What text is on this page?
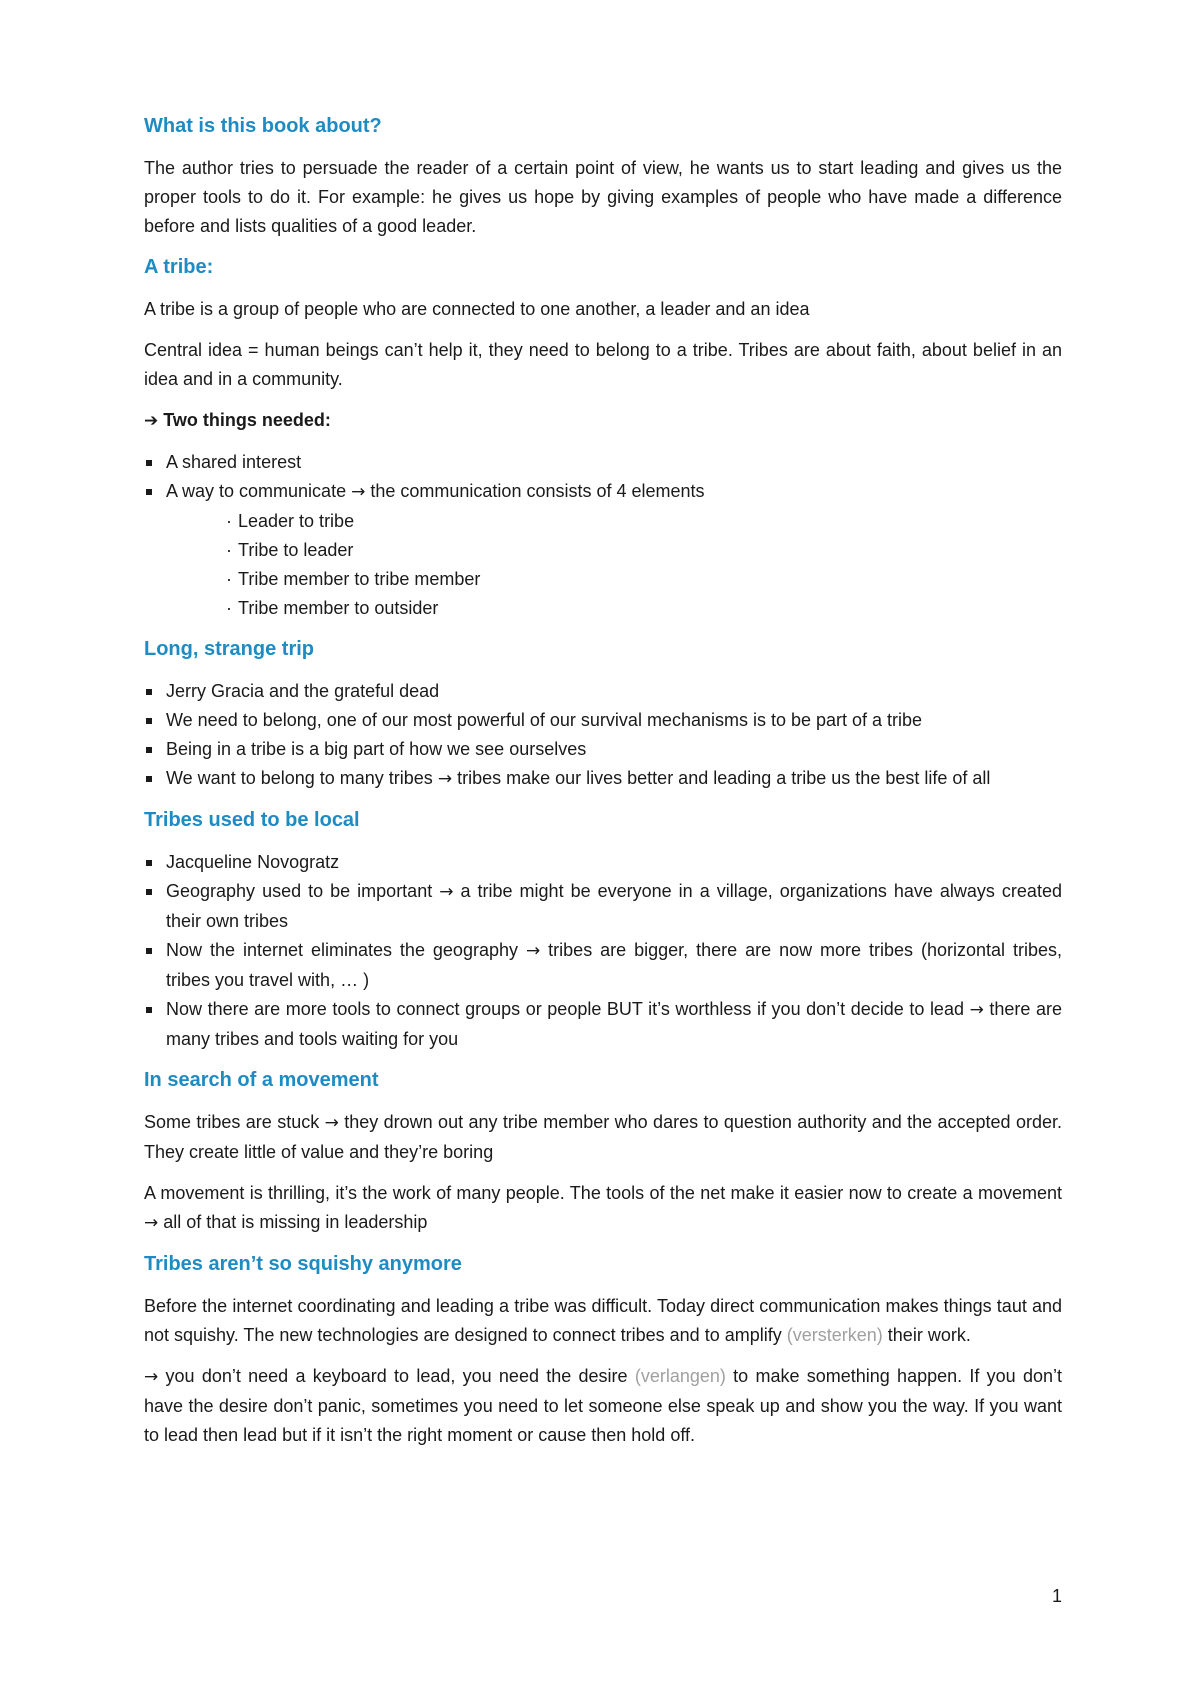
What is this book about?

The author tries to persuade the reader of a certain point of view, he wants us to start leading and gives us the proper tools to do it. For example: he gives us hope by giving examples of people who have made a difference before and lists qualities of a good leader.

A tribe:

A tribe is a group of people who are connected to one another, a leader and an idea

Central idea = human beings can’t help it, they need to belong to a tribe. Tribes are about faith, about belief in an idea and in a community.

➔ Two things needed:

A shared interest
A way to communicate → the communication consists of 4 elements
· Leader to tribe
· Tribe to leader
· Tribe member to tribe member
· Tribe member to outsider
Long, strange trip
Jerry Gracia and the grateful dead
We need to belong, one of our most powerful of our survival mechanisms is to be part of a tribe
Being in a tribe is a big part of how we see ourselves
We want to belong to many tribes → tribes make our lives better and leading a tribe us the best life of all
Tribes used to be local
Jacqueline Novogratz
Geography used to be important → a tribe might be everyone in a village, organizations have always created their own tribes
Now the internet eliminates the geography → tribes are bigger, there are now more tribes (horizontal tribes, tribes you travel with, … )
Now there are more tools to connect groups or people BUT it’s worthless if you don’t decide to lead → there are many tribes and tools waiting for you
In search of a movement

Some tribes are stuck → they drown out any tribe member who dares to question authority and the accepted order. They create little of value and they’re boring

A movement is thrilling, it’s the work of many people. The tools of the net make it easier now to create a movement → all of that is missing in leadership

Tribes aren’t so squishy anymore

Before the internet coordinating and leading a tribe was difficult. Today direct communication makes things taut and not squishy. The new technologies are designed to connect tribes and to amplify (versterken) their work.

→ you don’t need a keyboard to lead, you need the desire (verlangen) to make something happen. If you don’t have the desire don’t panic, sometimes you need to let someone else speak up and show you the way. If you want to lead then lead but if it isn’t the right moment or cause then hold off.

1
